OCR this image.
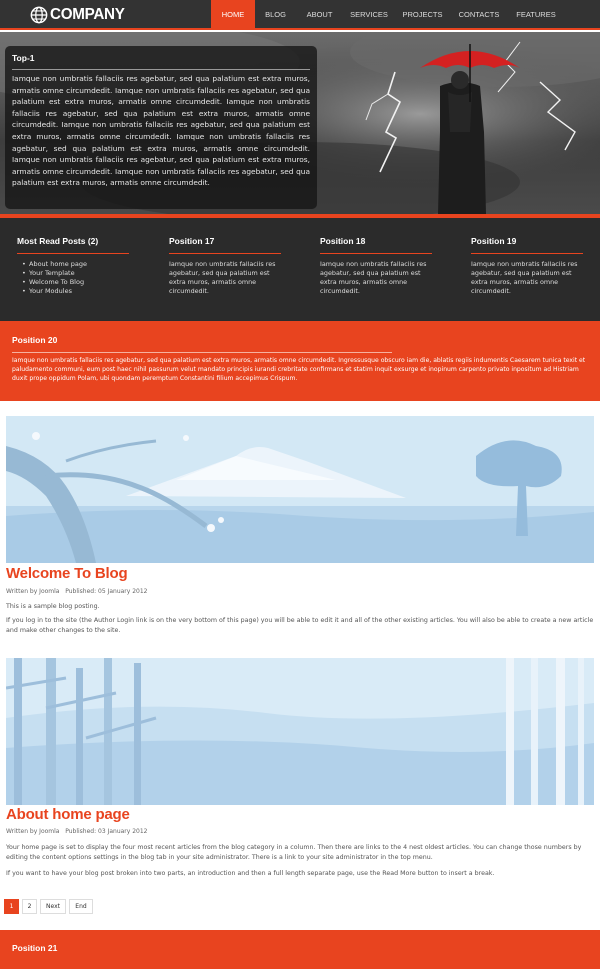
COMPANY	HOME	BLOG	ABOUT	SERVICES	PROJECTS	CONTACTS	FEATURES
Top-1
Iamque non umbratis fallaciis res agebatur, sed qua palatium est extra muros, armatis omne circumdedit. Iamque non umbratis fallaciis res agebatur, sed qua palatium est extra muros, armatis omne circumdedit. Iamque non umbratis fallaciis res agebatur, sed qua palatium est extra muros, armatis omne circumdedit. Iamque non umbratis fallaciis res agebatur, sed qua palatium est extra muros, armatis omne circumdedit. Iamque non umbratis fallaciis res agebatur, sed qua palatium est extra muros, armatis omne circumdedit. Iamque non umbratis fallaciis res agebatur, sed qua palatium est extra muros, armatis omne circumdedit. Iamque non umbratis fallaciis res agebatur, sed qua palatium est extra muros, armatis omne circumdedit.
Most Read Posts (2)
• About home page
• Your Template
• Welcome To Blog
• Your Modules
Position 17
Iamque non umbratis fallaciis res agebatur, sed qua palatium est extra muros, armatis omne circumdedit.
Position 18
Iamque non umbratis fallaciis res agebatur, sed qua palatium est extra muros, armatis omne circumdedit.
Position 19
Iamque non umbratis fallaciis res agebatur, sed qua palatium est extra muros, armatis omne circumdedit.
Position 20
Iamque non umbratis fallaciis res agebatur, sed qua palatium est extra muros, armatis omne circumdedit. Ingressusque obscuro iam die, ablatis regiis indumentis Caesarem tunica texit et paludamento communi, eum post haec nihil passurum velut mandato principis iurandi crebritate confirmans et statim inquit exsurge et inopinum carpento privato inpositum ad Histriam duxit prope oppidum Polam, ubi quondam peremptum Constantini filium accepimus Crispum.
Welcome To Blog
Written by Joomla Published: 05 January 2012
This is a sample blog posting.
If you log in to the site (the Author Login link is on the very bottom of this page) you will be able to edit it and all of the other existing articles. You will also be able to create a new article and make other changes to the site.
About home page
Written by Joomla Published: 03 January 2012
Your home page is set to display the four most recent articles from the blog category in a column. Then there are links to the 4 nest oldest articles. You can change those numbers by editing the content options settings in the blog tab in your site administrator. There is a link to your site administrator in the top menu.
If you want to have your blog post broken into two parts, an introduction and then a full length separate page, use the Read More button to insert a break.
1	2	Next	End
Position 21
